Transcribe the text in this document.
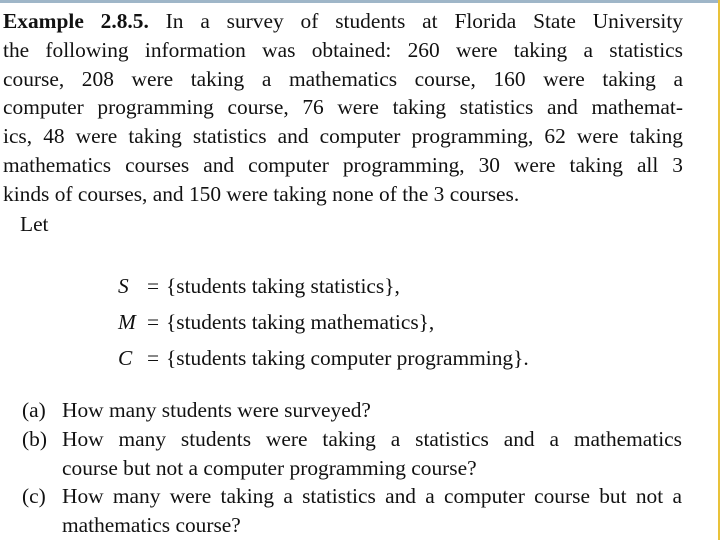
Example 2.8.5. In a survey of students at Florida State University
the following information was obtained: 260 were taking a statistics
course, 208 were taking a mathematics course, 160 were taking a
computer programming course, 76 were taking statistics and mathemat-
ics, 48 were taking statistics and computer programming, 62 were taking
mathematics courses and computer programming, 30 were taking all 3
kinds of courses, and 150 were taking none of the 3 courses.
Let
S = {students taking statistics},
M = {students taking mathematics},
C = {students taking computer programming}.
(a) How many students were surveyed?
(b) How many students were taking a statistics and a mathematics
course but not a computer programming course?
(c) How many were taking a statistics and a computer course but not a
mathematics course?
